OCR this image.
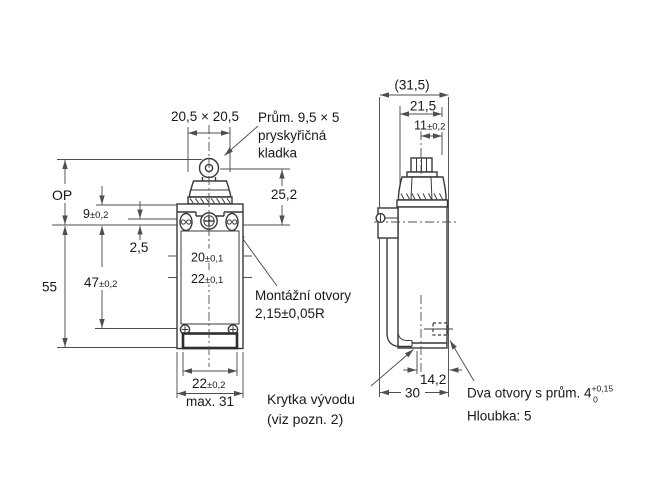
20,5 × 20,5 Prům. 9,5 × 5
pryskyřičná
kladka
25,2
OP
9±0,2
2,5
47±0,2
55
20±0,1
22±0,1
Montážní otvory
2,15±0,05R
22±0,2
max. 31 Krytka vývodu
(viz pozn. 2)
(31,5)
21,5
11±0,2
14,2
30	Dva otvory s prům. $4^{+0,15}$ 0
Hloubka: 5
